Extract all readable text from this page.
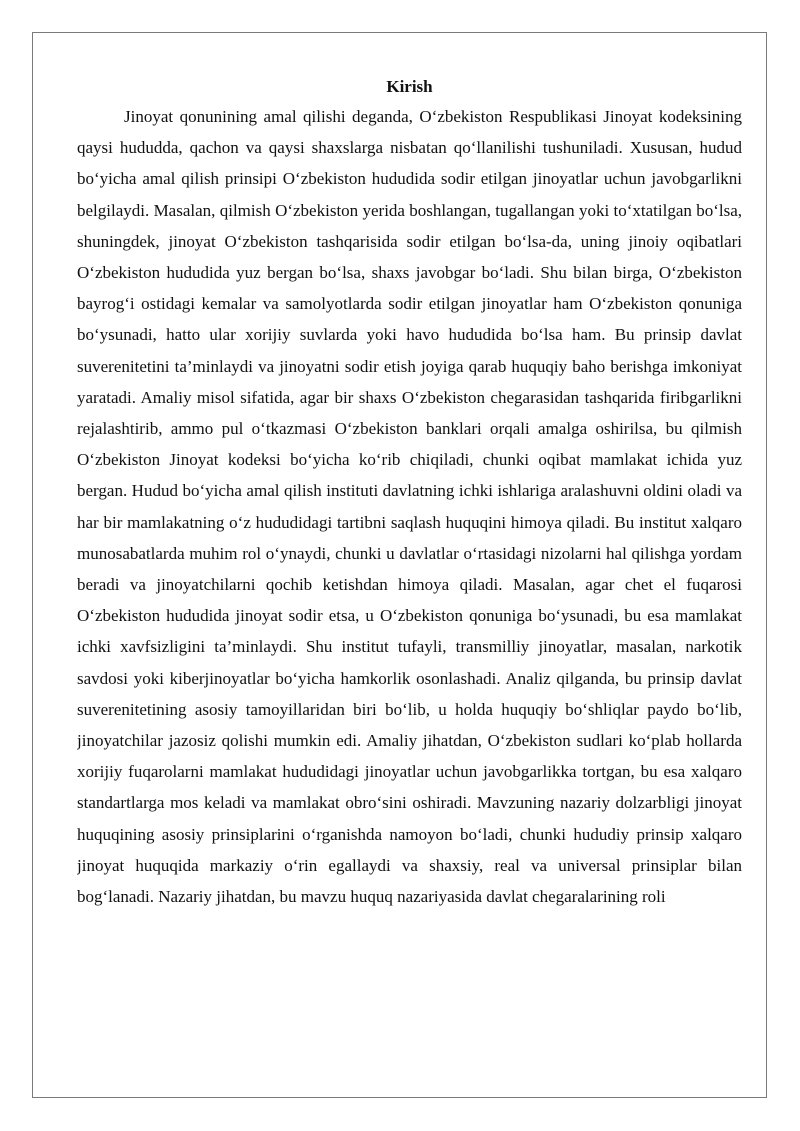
Kirish

Jinoyat qonunining amal qilishi deganda, O‘zbekiston Respublikasi Jinoyat kodeksining qaysi hududda, qachon va qaysi shaxslarga nisbatan qo‘llanilishi tushuniladi. Xususan, hudud bo‘yicha amal qilish prinsipi O‘zbekiston hududida sodir etilgan jinoyatlar uchun javobgarlikni belgilaydi. Masalan, qilmish O‘zbekiston yerida boshlangan, tugallangan yoki to‘xtatilgan bo‘lsa, shuningdek, jinoyat O‘zbekiston tashqarisida sodir etilgan bo‘lsa-da, uning jinoiy oqibatlari O‘zbekiston hududida yuz bergan bo‘lsa, shaxs javobgar bo‘ladi. Shu bilan birga, O‘zbekiston bayrog‘i ostidagi kemalar va samolyotlarda sodir etilgan jinoyatlar ham O‘zbekiston qonuniga bo‘ysunadi, hatto ular xorijiy suvlarda yoki havo hududida bo‘lsa ham. Bu prinsip davlat suverenitetini ta’minlaydi va jinoyatni sodir etish joyiga qarab huquqiy baho berishga imkoniyat yaratadi. Amaliy misol sifatida, agar bir shaxs O‘zbekiston chegarasidan tashqarida firibgarlikni rejalashtirib, ammo pul o‘tkazmasi O‘zbekiston banklari orqali amalga oshirilsa, bu qilmish O‘zbekiston Jinoyat kodeksi bo‘yicha ko‘rib chiqiladi, chunki oqibat mamlakat ichida yuz bergan. Hudud bo‘yicha amal qilish instituti davlatning ichki ishlariga aralashuvni oldini oladi va har bir mamlakatning o‘z hududidagi tartibni saqlash huquqini himoya qiladi. Bu institut xalqaro munosabatlarda muhim rol o‘ynaydi, chunki u davlatlar o‘rtasidagi nizolarni hal qilishga yordam beradi va jinoyatchilarni qochib ketishdan himoya qiladi. Masalan, agar chet el fuqarosi O‘zbekiston hududida jinoyat sodir etsa, u O‘zbekiston qonuniga bo‘ysunadi, bu esa mamlakat ichki xavfsizligini ta’minlaydi. Shu institut tufayli, transmilliy jinoyatlar, masalan, narkotik savdosi yoki kiberjinoyatlar bo‘yicha hamkorlik osonlashadi. Analiz qilganda, bu prinsip davlat suverenitetining asosiy tamoyillaridan biri bo‘lib, u holda huquqiy bo‘shliqlar paydo bo‘lib, jinoyatchilar jazosiz qolishi mumkin edi. Amaliy jihatdan, O‘zbekiston sudlari ko‘plab hollarda xorijiy fuqarolarni mamlakat hududidagi jinoyatlar uchun javobgarlikka tortgan, bu esa xalqaro standartlarga mos keladi va mamlakat obro‘sini oshiradi. Mavzuning nazariy dolzarbligi jinoyat huquqining asosiy prinsiplarini o‘rganishda namoyon bo‘ladi, chunki hududiy prinsip xalqaro jinoyat huquqida markaziy o‘rin egallaydi va shaxsiy, real va universal prinsiplar bilan bog‘lanadi. Nazariy jihatdan, bu mavzu huquq nazariyasida davlat chegaralarining roli
